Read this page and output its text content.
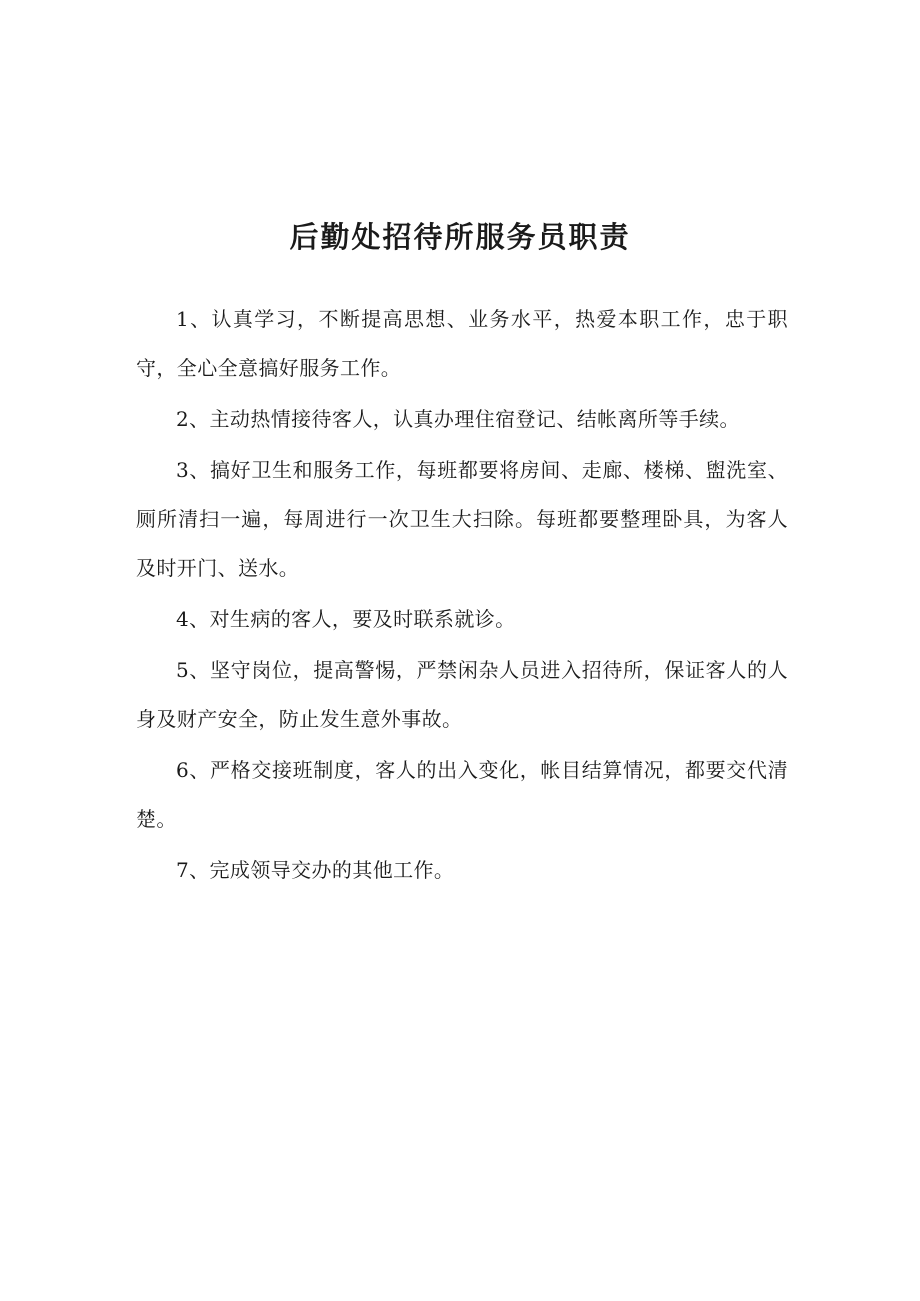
后勤处招待所服务员职责

1、认真学习，不断提高思想、业务水平，热爱本职工作，忠于职守，全心全意搞好服务工作。

2、主动热情接待客人，认真办理住宿登记、结帐离所等手续。

3、搞好卫生和服务工作，每班都要将房间、走廊、楼梯、盥洗室、厕所清扫一遍，每周进行一次卫生大扫除。每班都要整理卧具，为客人及时开门、送水。

4、对生病的客人，要及时联系就诊。

5、坚守岗位，提高警惕，严禁闲杂人员进入招待所，保证客人的人身及财产安全，防止发生意外事故。

6、严格交接班制度，客人的出入变化，帐目结算情况，都要交代清楚。

7、完成领导交办的其他工作。
